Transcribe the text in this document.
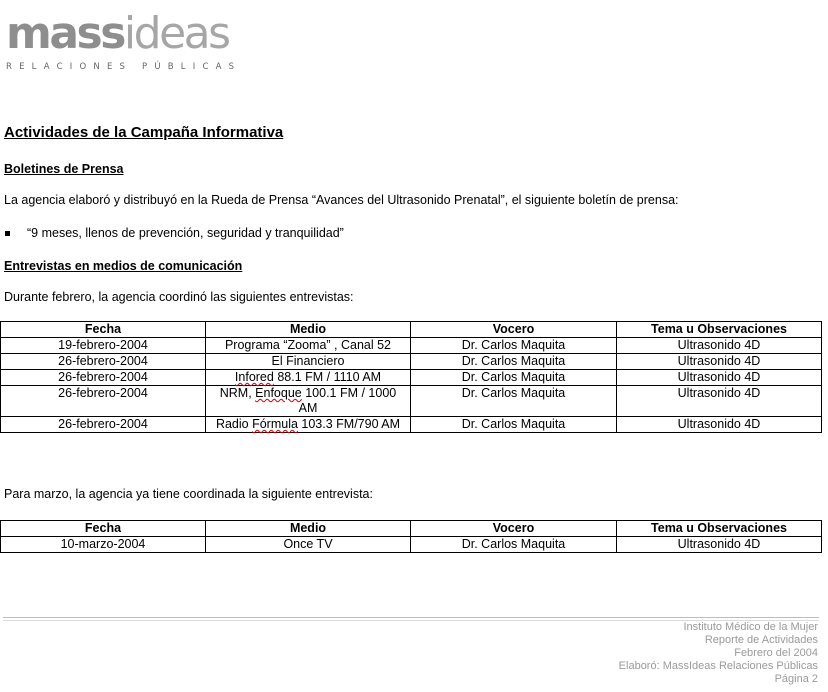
massideas
RELACIONES PÚBLICAS
Actividades de la Campaña Informativa
Boletines de Prensa
La agencia elaboró y distribuyó en la Rueda de Prensa “Avances del Ultrasonido Prenatal”, el siguiente boletín de prensa:
“9 meses, llenos de prevención, seguridad y tranquilidad”
Entrevistas en medios de comunicación
Durante febrero, la agencia coordinó las siguientes entrevistas:
Fecha	Medio	Vocero	Tema u Observaciones
19-febrero-2004	Programa “Zooma” , Canal 52	Dr. Carlos Maquita	Ultrasonido 4D
26-febrero-2004	El Financiero	Dr. Carlos Maquita	Ultrasonido 4D
26-febrero-2004	Infored 88.1 FM / 1110 AM	Dr. Carlos Maquita	Ultrasonido 4D
26-febrero-2004	NRM, Enfoque 100.1 FM / 1000 AM	Dr. Carlos Maquita	Ultrasonido 4D
26-febrero-2004	Radio Fórmula 103.3 FM/790 AM	Dr. Carlos Maquita	Ultrasonido 4D
Para marzo, la agencia ya tiene coordinada la siguiente entrevista:
Fecha	Medio	Vocero	Tema u Observaciones
10-marzo-2004	Once TV	Dr. Carlos Maquita	Ultrasonido 4D
Instituto Médico de la Mujer
Reporte de Actividades
Febrero del 2004
Elaboró: MassIdeas Relaciones Públicas
Página 2
